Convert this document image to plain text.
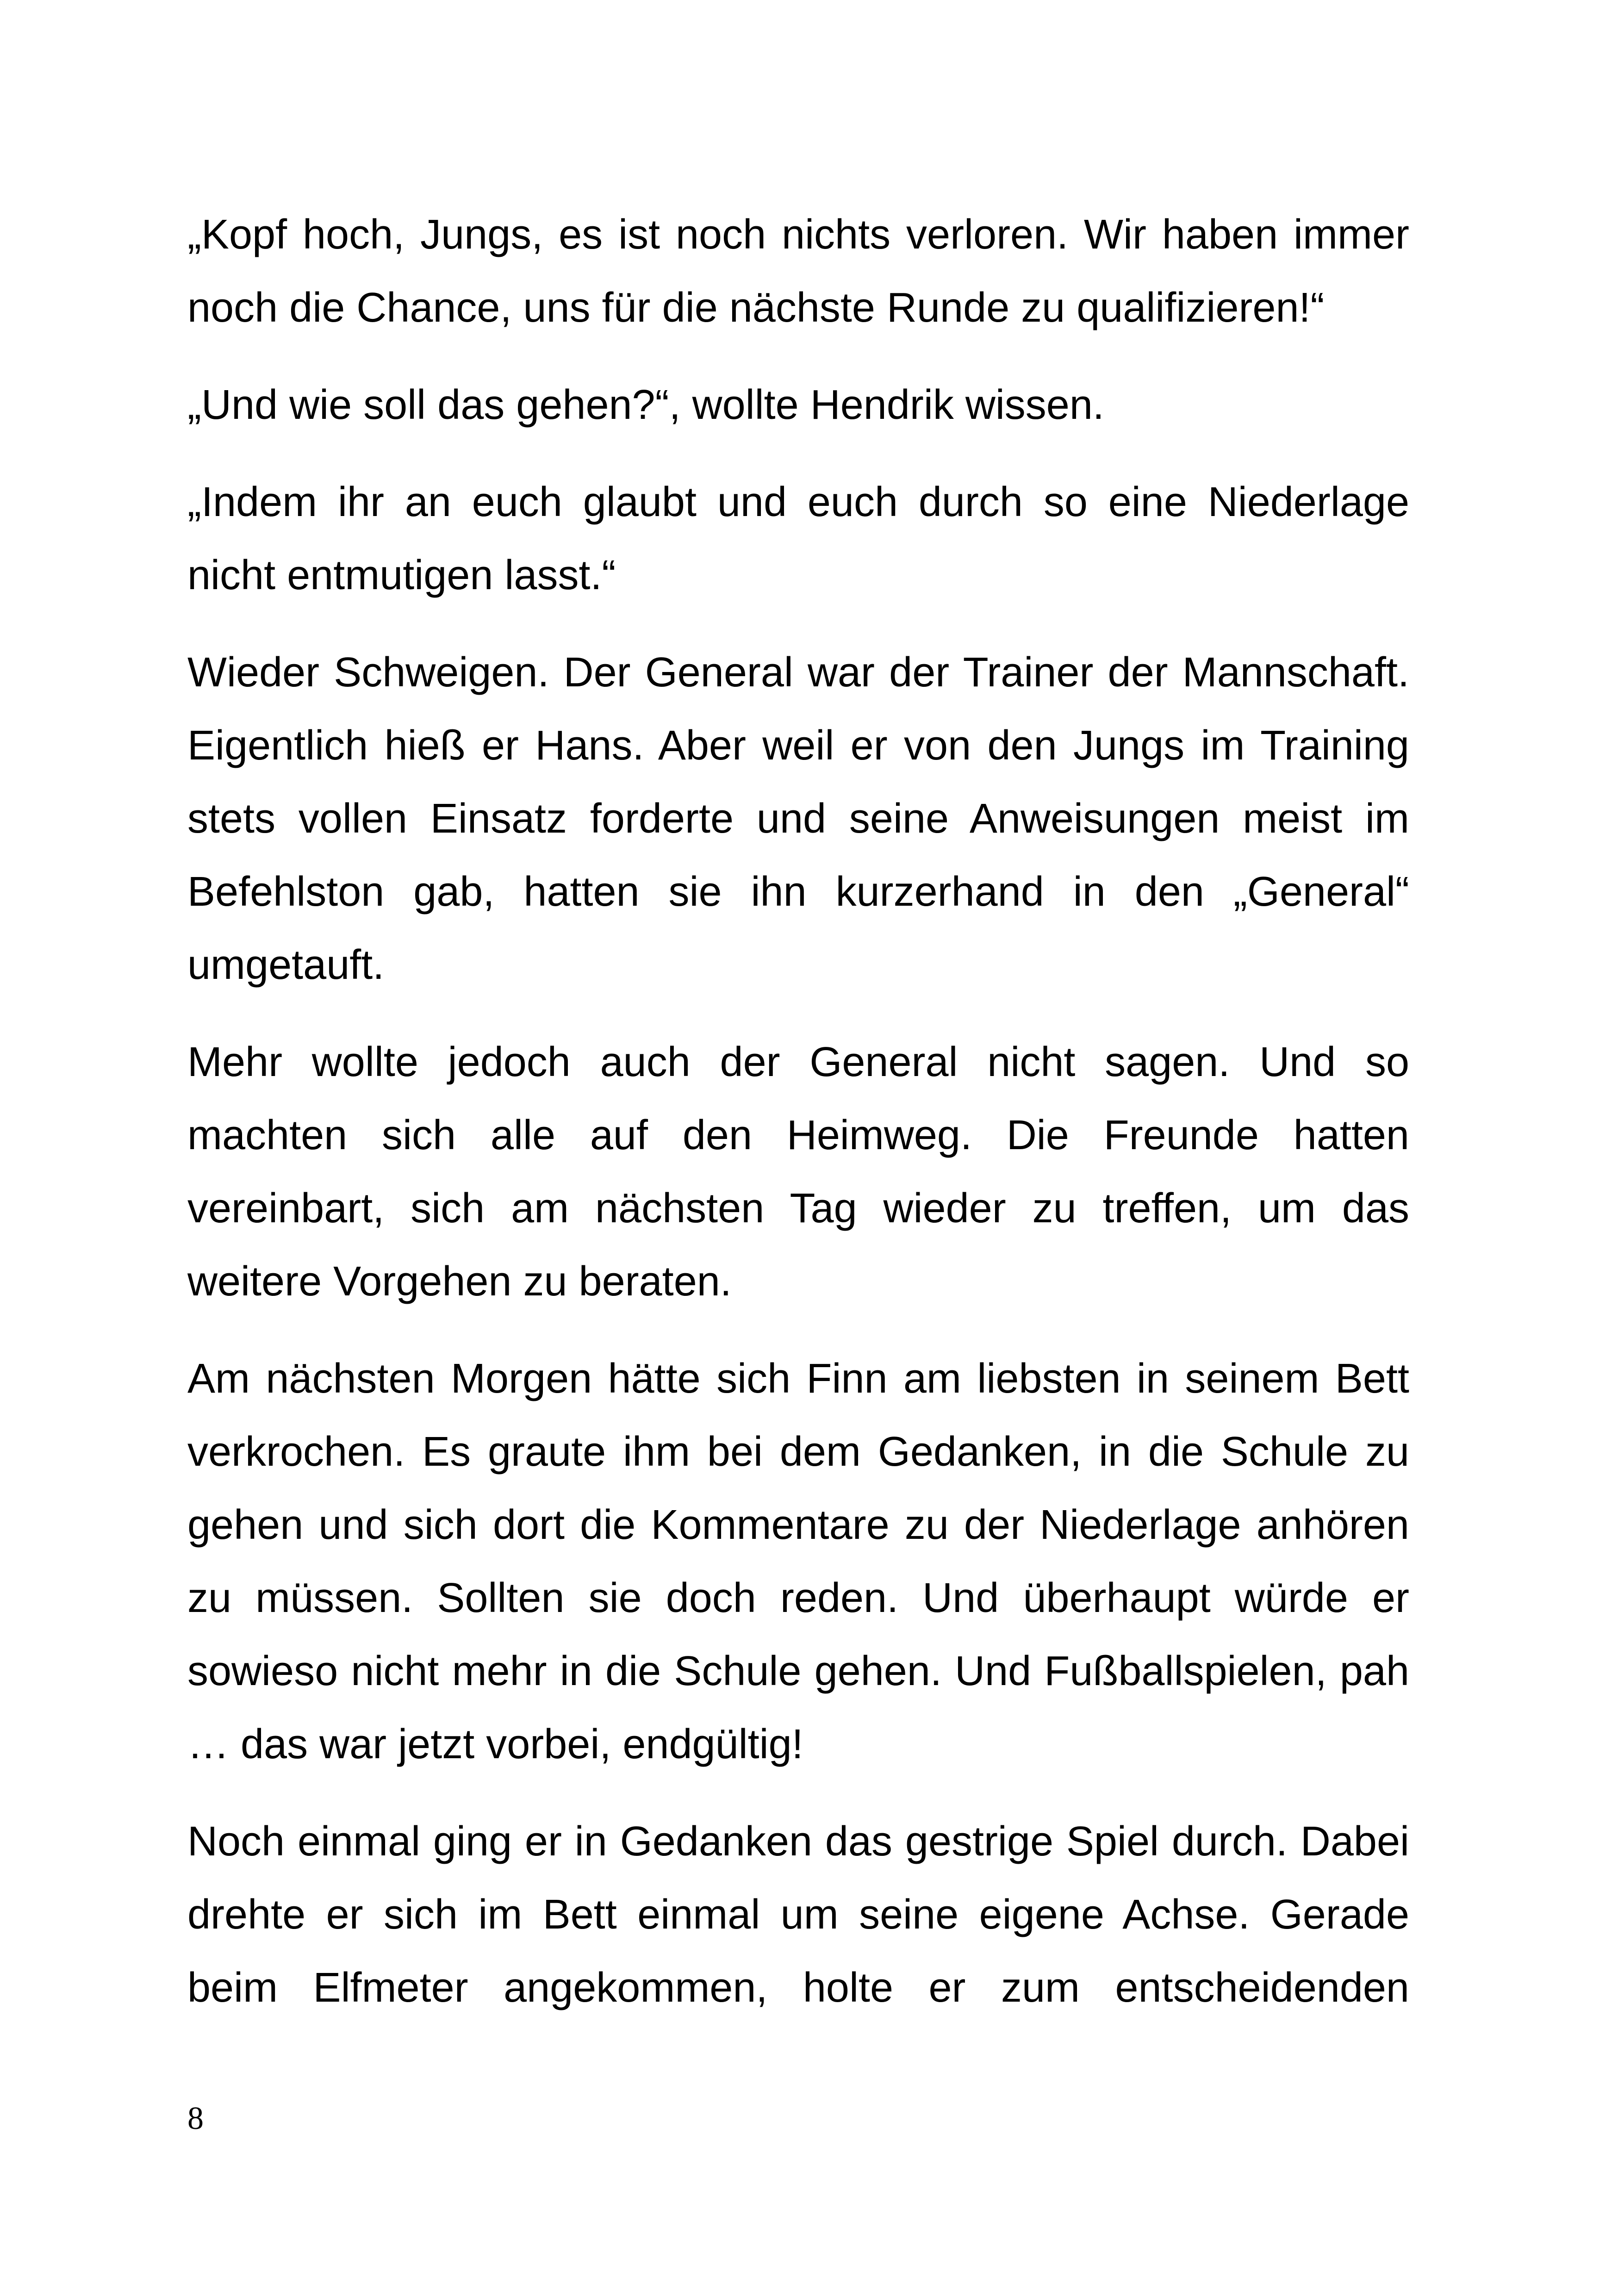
„Kopf hoch, Jungs, es ist noch nichts verloren. Wir haben immer noch die Chance, uns für die nächste Runde zu qualifizieren!“

„Und wie soll das gehen?“, wollte Hendrik wissen.

„Indem ihr an euch glaubt und euch durch so eine Niederlage nicht entmutigen lasst.“

Wieder Schweigen. Der General war der Trainer der Mannschaft. Eigentlich hieß er Hans. Aber weil er von den Jungs im Training stets vollen Einsatz forderte und seine Anweisungen meist im Befehlston gab, hatten sie ihn kurzerhand in den „General“ umgetauft.

Mehr wollte jedoch auch der General nicht sagen. Und so machten sich alle auf den Heimweg. Die Freunde hatten vereinbart, sich am nächsten Tag wieder zu treffen, um das weitere Vorgehen zu beraten.

Am nächsten Morgen hätte sich Finn am liebsten in seinem Bett verkrochen. Es graute ihm bei dem Gedanken, in die Schule zu gehen und sich dort die Kommentare zu der Niederlage anhören zu müssen. Sollten sie doch reden. Und überhaupt würde er sowieso nicht mehr in die Schule gehen. Und Fußballspielen, pah … das war jetzt vorbei, endgültig!

Noch einmal ging er in Gedanken das gestrige Spiel durch. Dabei drehte er sich im Bett einmal um seine eigene Achse. Gerade beim Elfmeter angekommen, holte er zum entscheidenden

8
